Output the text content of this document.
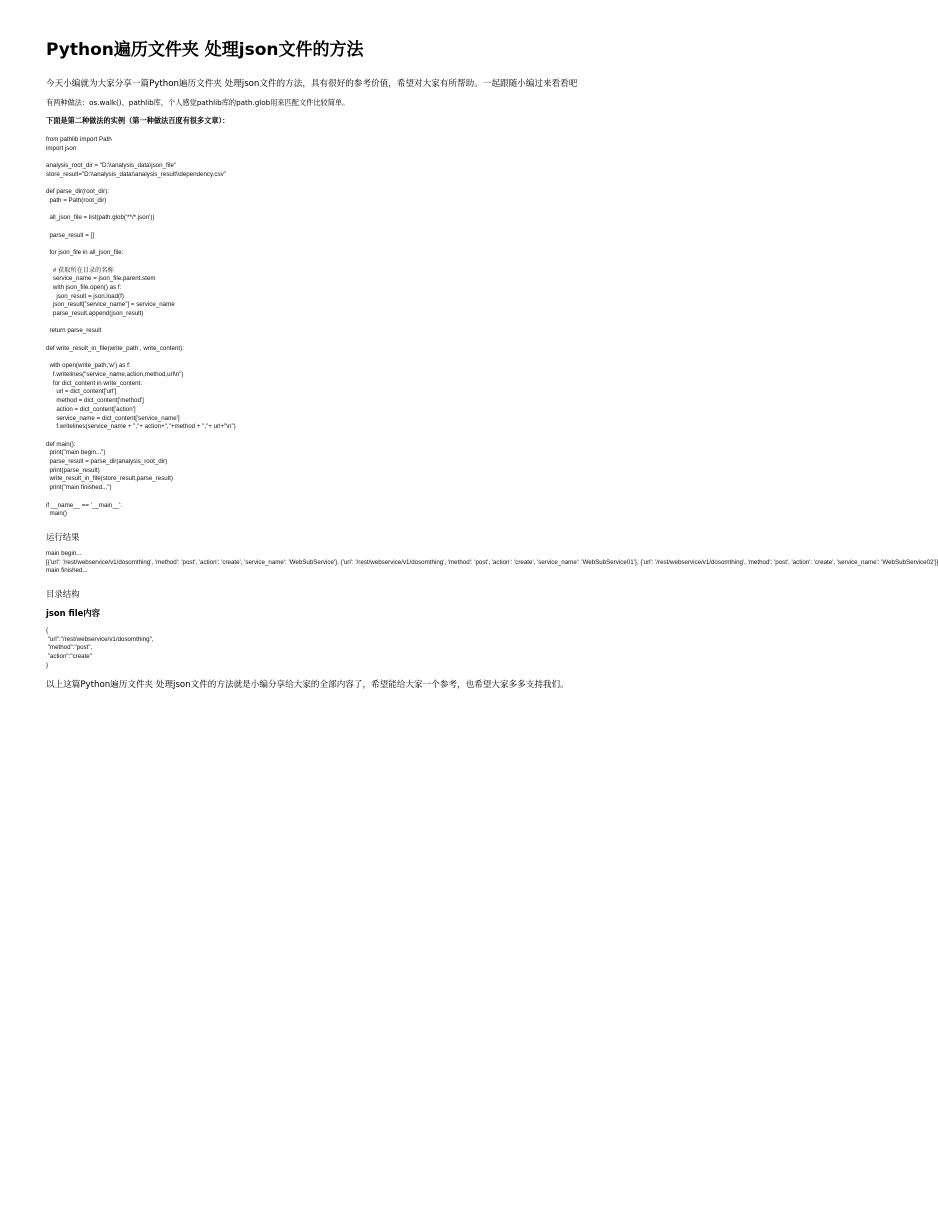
Python遍历文件夹 处理json文件的方法

今天小编就为大家分享一篇Python遍历文件夹 处理json文件的方法，具有很好的参考价值，希望对大家有所帮助。一起跟随小编过来看看吧

有两种做法：os.walk()、pathlib库，个人感觉pathlib库的path.glob用来匹配文件比较简单。

下面是第二种做法的实例（第一种做法百度有很多文章）：

from pathlib import Path
import json

analysis_root_dir = "D:\\analysis_data\json_file"
store_result="D:\\analysis_data\\analysis_result\\dependency.csv"

def parse_dir(root_dir):
path = Path(root_dir)

all_json_file = list(path.glob('**/*.json'))

parse_result = []

for json_file in all_json_file:

# 获取所在目录的名称
service_name = json_file.parent.stem
with json_file.open() as f:
json_result = json.load(f)
json_result["service_name"] = service_name
parse_result.append(json_result)

return parse_result

def write_result_in_file(write_path , write_content):

with open(write_path,'w') as f:
f.writelines("service_name,action,method,url\n")
for dict_content in write_content:
url = dict_content['url']
method = dict_content['method']
action = dict_content['action']
service_name = dict_content['service_name']
f.writelines(service_name + ","+ action+","+method + ","+ url+"\n")

def main():
print("main begin...")
parse_result = parse_dir(analysis_root_dir)
print(parse_result)
write_result_in_file(store_result,parse_result)
print("main finished...")

if __name__ == '__main__':
main()

运行结果

main begin...
[{'url': '/rest/webservice/v1/dosomthing', 'method': 'post', 'action': 'create', 'service_name': 'WebSubService'}, {'url': '/rest/webservice/v1/dosomthing', 'method': 'post', 'action': 'create', 'service_name': 'WebSubService01'}, {'url': '/rest/webservice/v1/dosomthing', 'method': 'post', 'action': 'create', 'service_name': 'WebSubService02'}]
main finished...

目录结构

json file内容

{
"url":"/rest/webservice/v1/dosomthing",
"method":"post",
"action":"create"
}

以上这篇Python遍历文件夹 处理json文件的方法就是小编分享给大家的全部内容了，希望能给大家一个参考，也希望大家多多支持我们。
